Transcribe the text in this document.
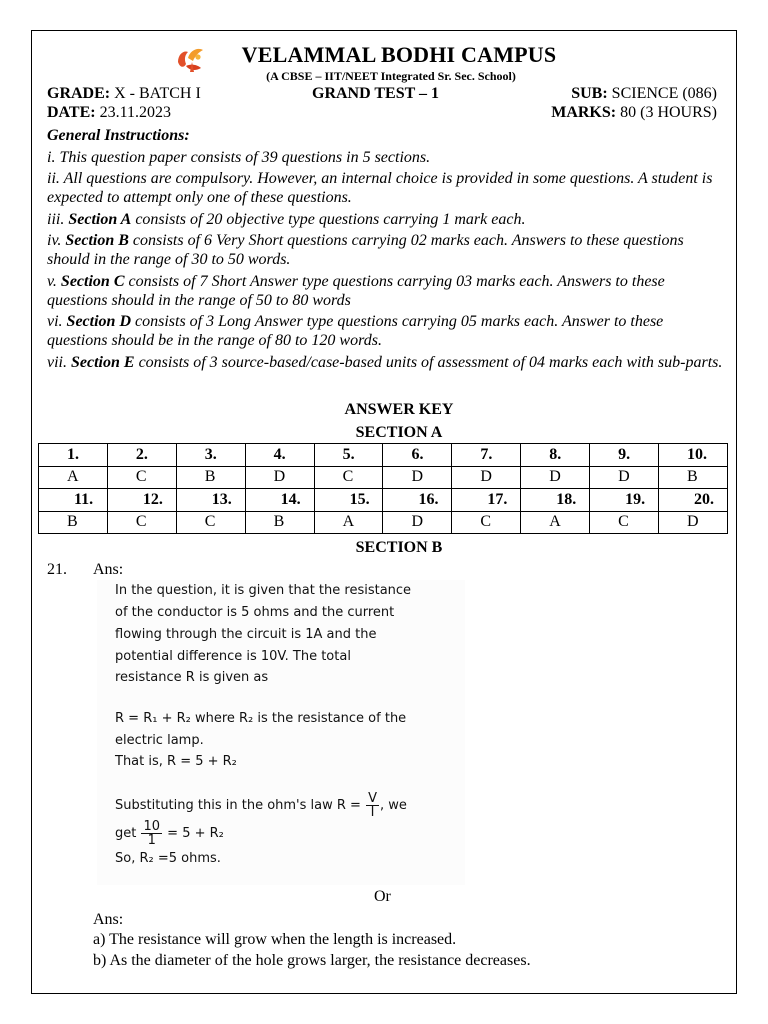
VELAMMAL BODHI CAMPUS
(A CBSE – IIT/NEET Integrated Sr. Sec. School)
GRADE: X - BATCH I	GRAND TEST – 1	SUB: SCIENCE (086)
DATE: 23.11.2023	MARKS: 80 (3 HOURS)

General Instructions:

i. This question paper consists of 39 questions in 5 sections.

ii. All questions are compulsory. However, an internal choice is provided in some questions. A student is expected to attempt only one of these questions.

iii. Section A consists of 20 objective type questions carrying 1 mark each.

iv. Section B consists of 6 Very Short questions carrying 02 marks each. Answers to these questions should in the range of 30 to 50 words.

v. Section C consists of 7 Short Answer type questions carrying 03 marks each. Answers to these questions should in the range of 50 to 80 words

vi. Section D consists of 3 Long Answer type questions carrying 05 marks each. Answer to these questions should be in the range of 80 to 120 words.

vii. Section E consists of 3 source-based/case-based units of assessment of 04 marks each with sub-parts.

ANSWER KEY
SECTION A
1.	2.	3.	4.	5.	6.	7.	8.	9.	10.
A	C	B	D	C	D	D	D	D	B
11.	12.	13.	14.	15.	16.	17.	18.	19.	20.
B	C	C	B	A	D	C	A	C	D
SECTION B
21. Ans:
In the question, it is given that the resistance
of the conductor is 5 ohms and the current
flowing through the circuit is 1A and the
potential difference is 10V. The total
resistance R is given as
R = R₁ + R₂ where R₂ is the resistance of the
electric lamp.
That is, R = 5 + R₂
Substituting this in the ohm's law $R = \frac{V}{I}$ , we
get $\frac{10}{1} = 5 + R_2$
So, R₂ =5 ohms.
Or
Ans:
a) The resistance will grow when the length is increased.
b) As the diameter of the hole grows larger, the resistance decreases.
